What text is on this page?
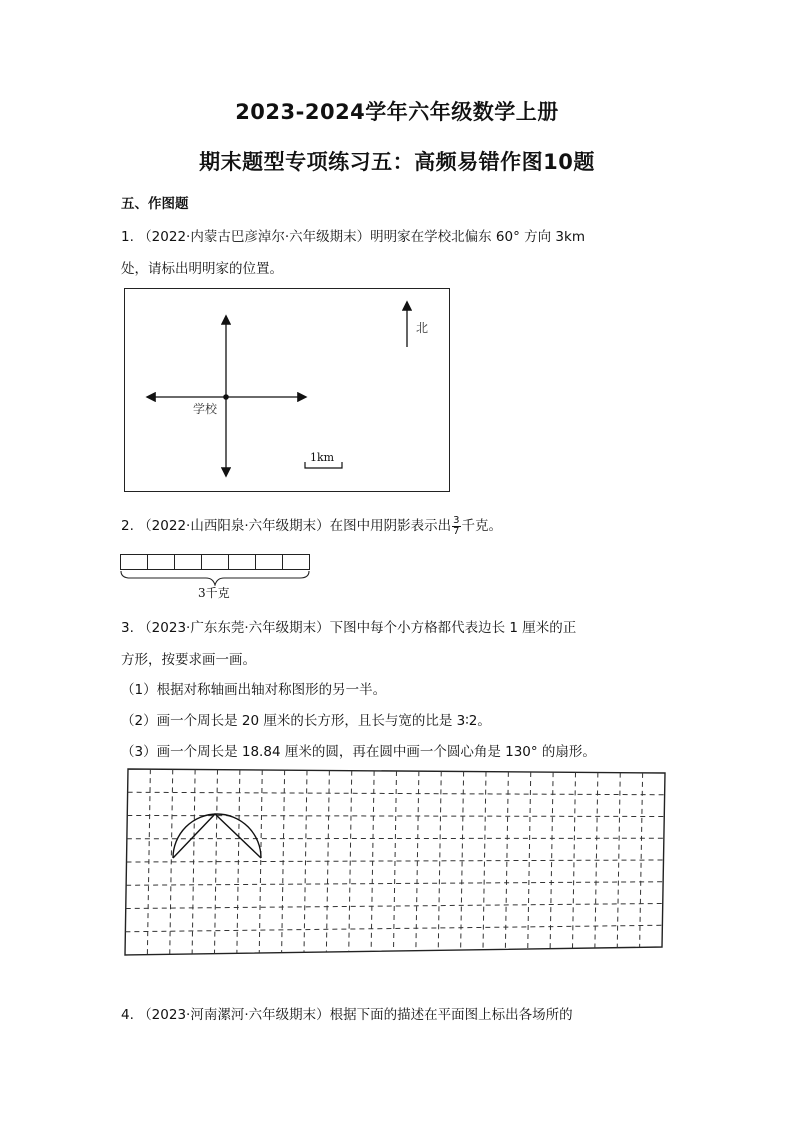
2023-2024学年六年级数学上册
期末题型专项练习五：高频易错作图10题
五、作图题
1. （2022·内蒙古巴彦淖尔·六年级期末）明明家在学校北偏东 60° 方向 3km
处，请标出明明家的位置。
北
学校
1km
2. （2022·山西阳泉·六年级期末）在图中用阴影表示出 $\frac{3}{7}$ 千克。
3千克
3. （2023·广东东莞·六年级期末）下图中每个小方格都代表边长 1 厘米的正
方形，按要求画一画。
（1）根据对称轴画出轴对称图形的另一半。
（2）画一个周长是 20 厘米的长方形，且长与宽的比是 3∶2。
（3）画一个周长是 18.84 厘米的圆，再在圆中画一个圆心角是 130° 的扇形。
4. （2023·河南漯河·六年级期末）根据下面的描述在平面图上标出各场所的
